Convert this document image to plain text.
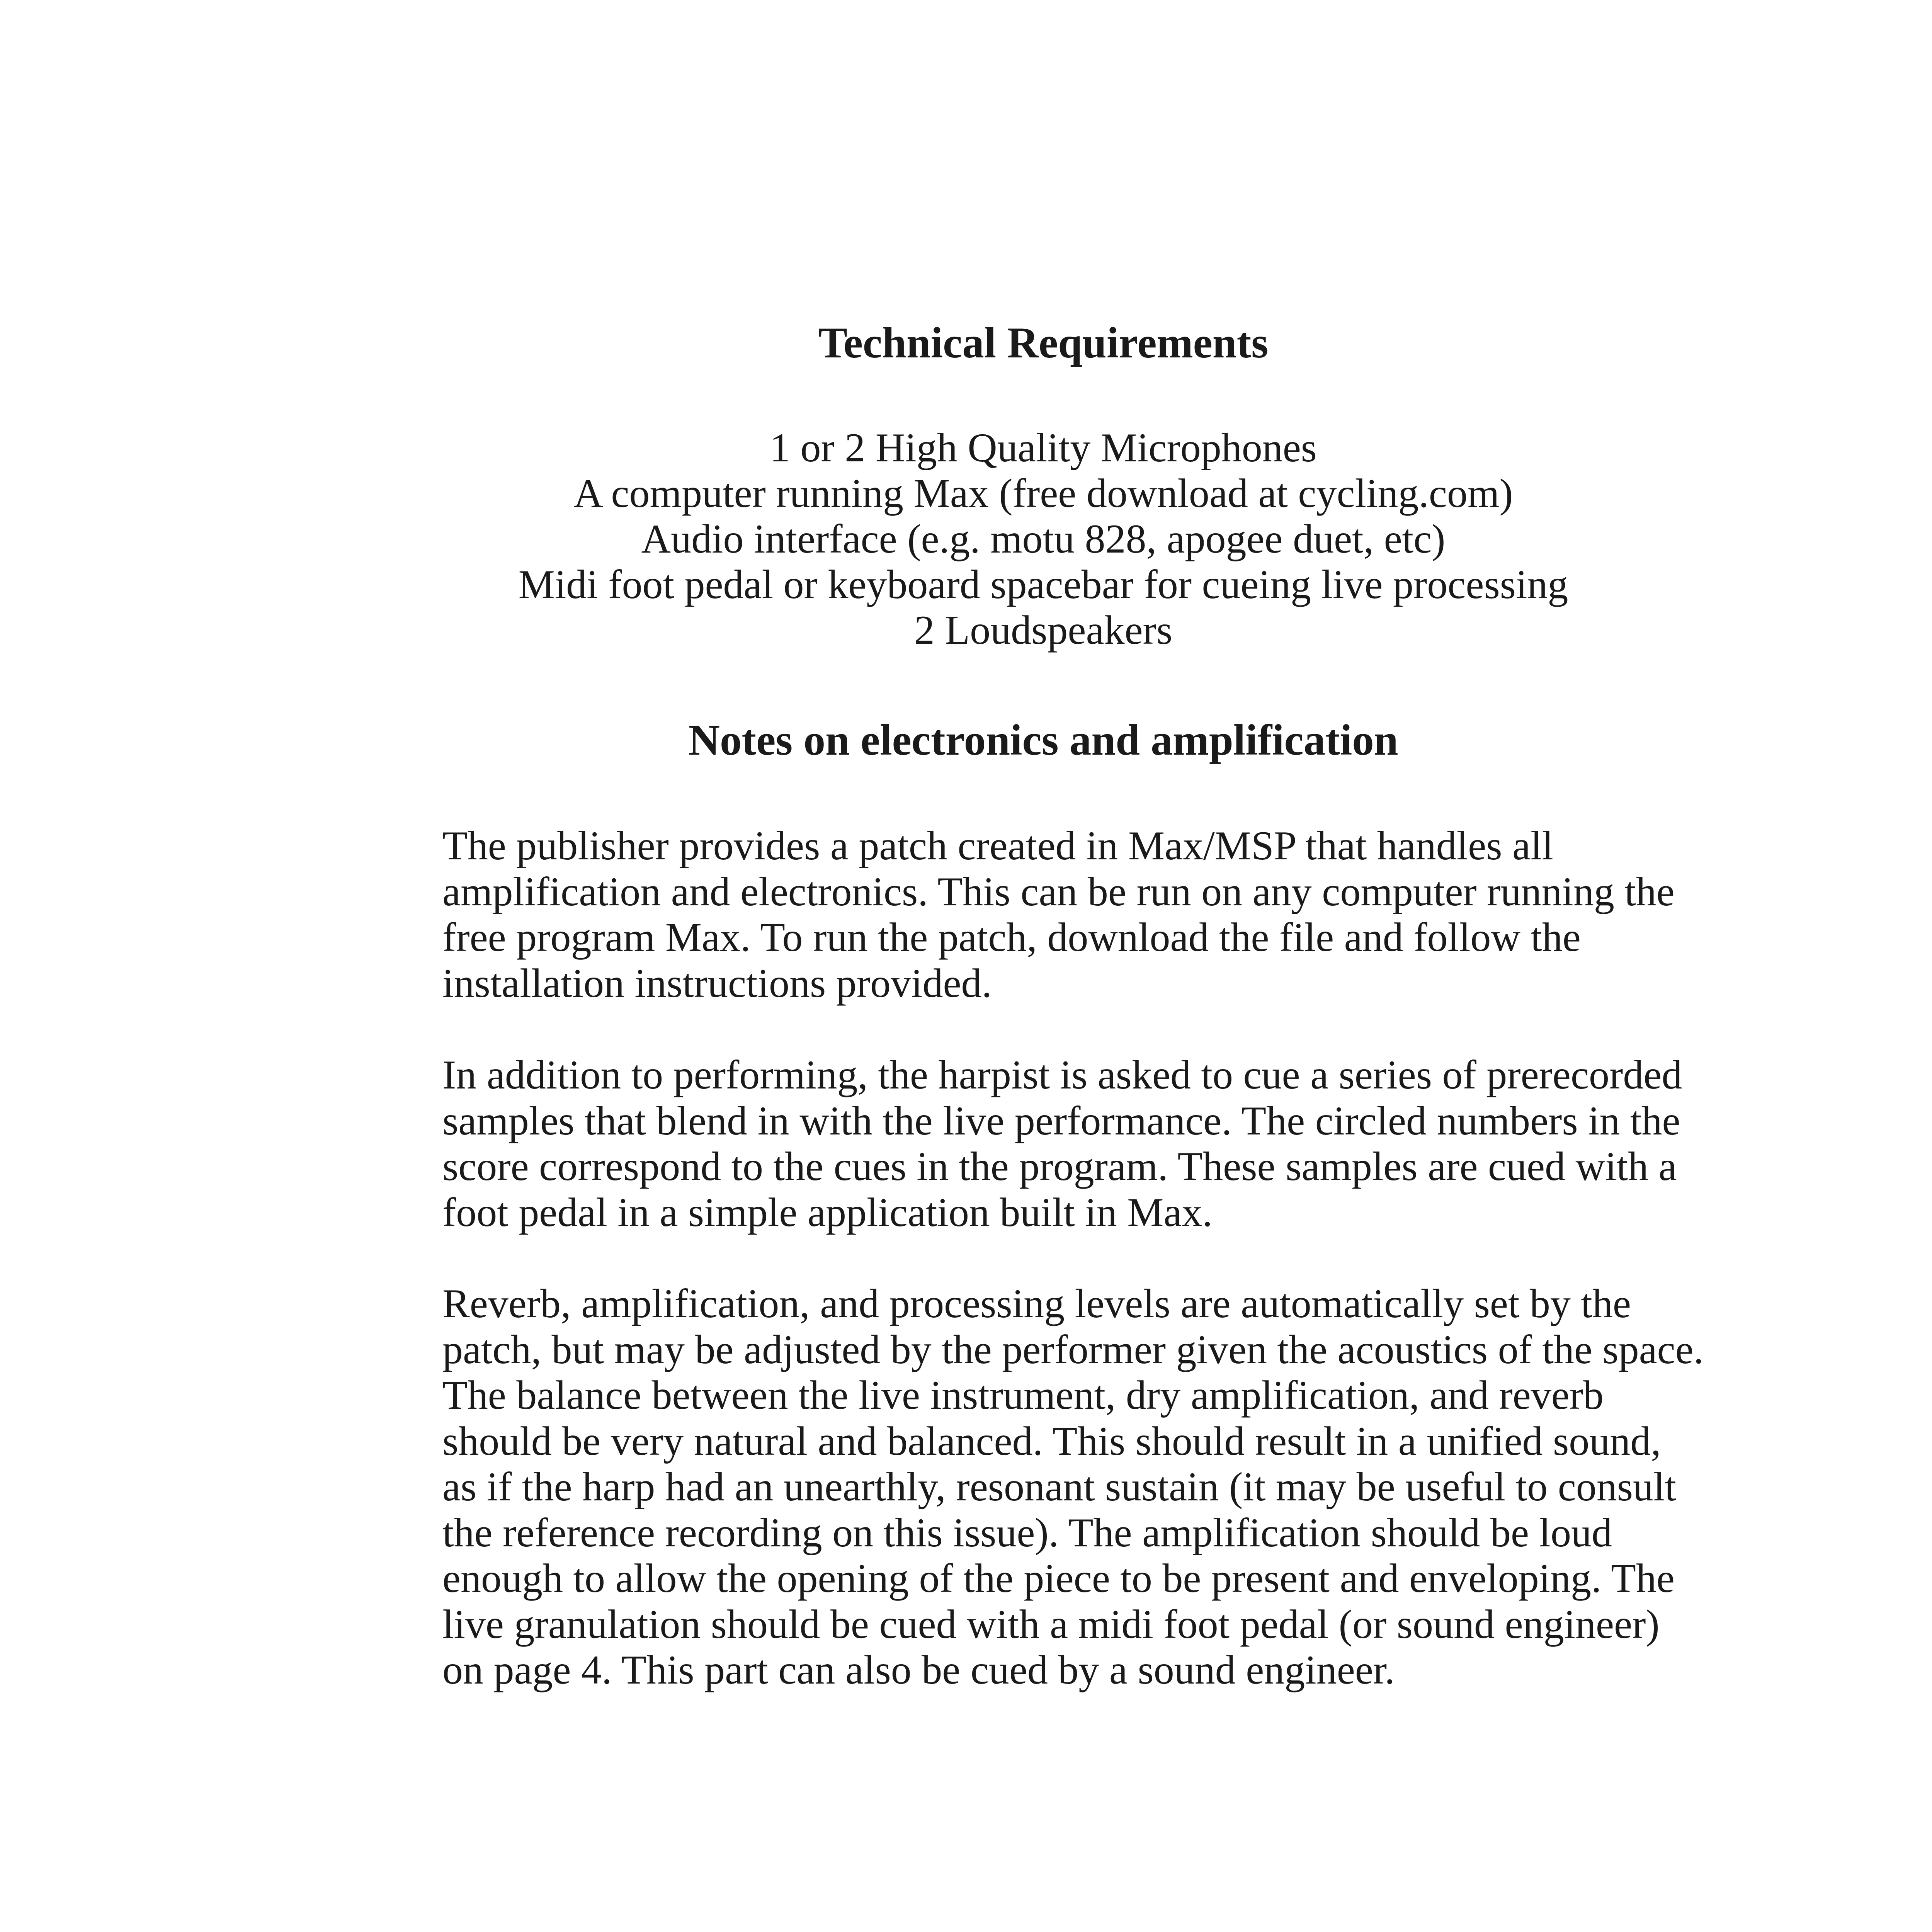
Technical Requirements
1 or 2 High Quality Microphones
A computer running Max (free download at cycling.com)
Audio interface (e.g. motu 828, apogee duet, etc)
Midi foot pedal or keyboard spacebar for cueing live processing
2 Loudspeakers
Notes on electronics and amplification

The publisher provides a patch created in Max/MSP that handles all
amplification and electronics. This can be run on any computer running the
free program Max. To run the patch, download the file and follow the
installation instructions provided.

In addition to performing, the harpist is asked to cue a series of prerecorded
samples that blend in with the live performance. The circled numbers in the
score correspond to the cues in the program. These samples are cued with a
foot pedal in a simple application built in Max.

Reverb, amplification, and processing levels are automatically set by the
patch, but may be adjusted by the performer given the acoustics of the space.
The balance between the live instrument, dry amplification, and reverb
should be very natural and balanced. This should result in a unified sound,
as if the harp had an unearthly, resonant sustain (it may be useful to consult
the reference recording on this issue). The amplification should be loud
enough to allow the opening of the piece to be present and enveloping. The
live granulation should be cued with a midi foot pedal (or sound engineer)
on page 4. This part can also be cued by a sound engineer.
